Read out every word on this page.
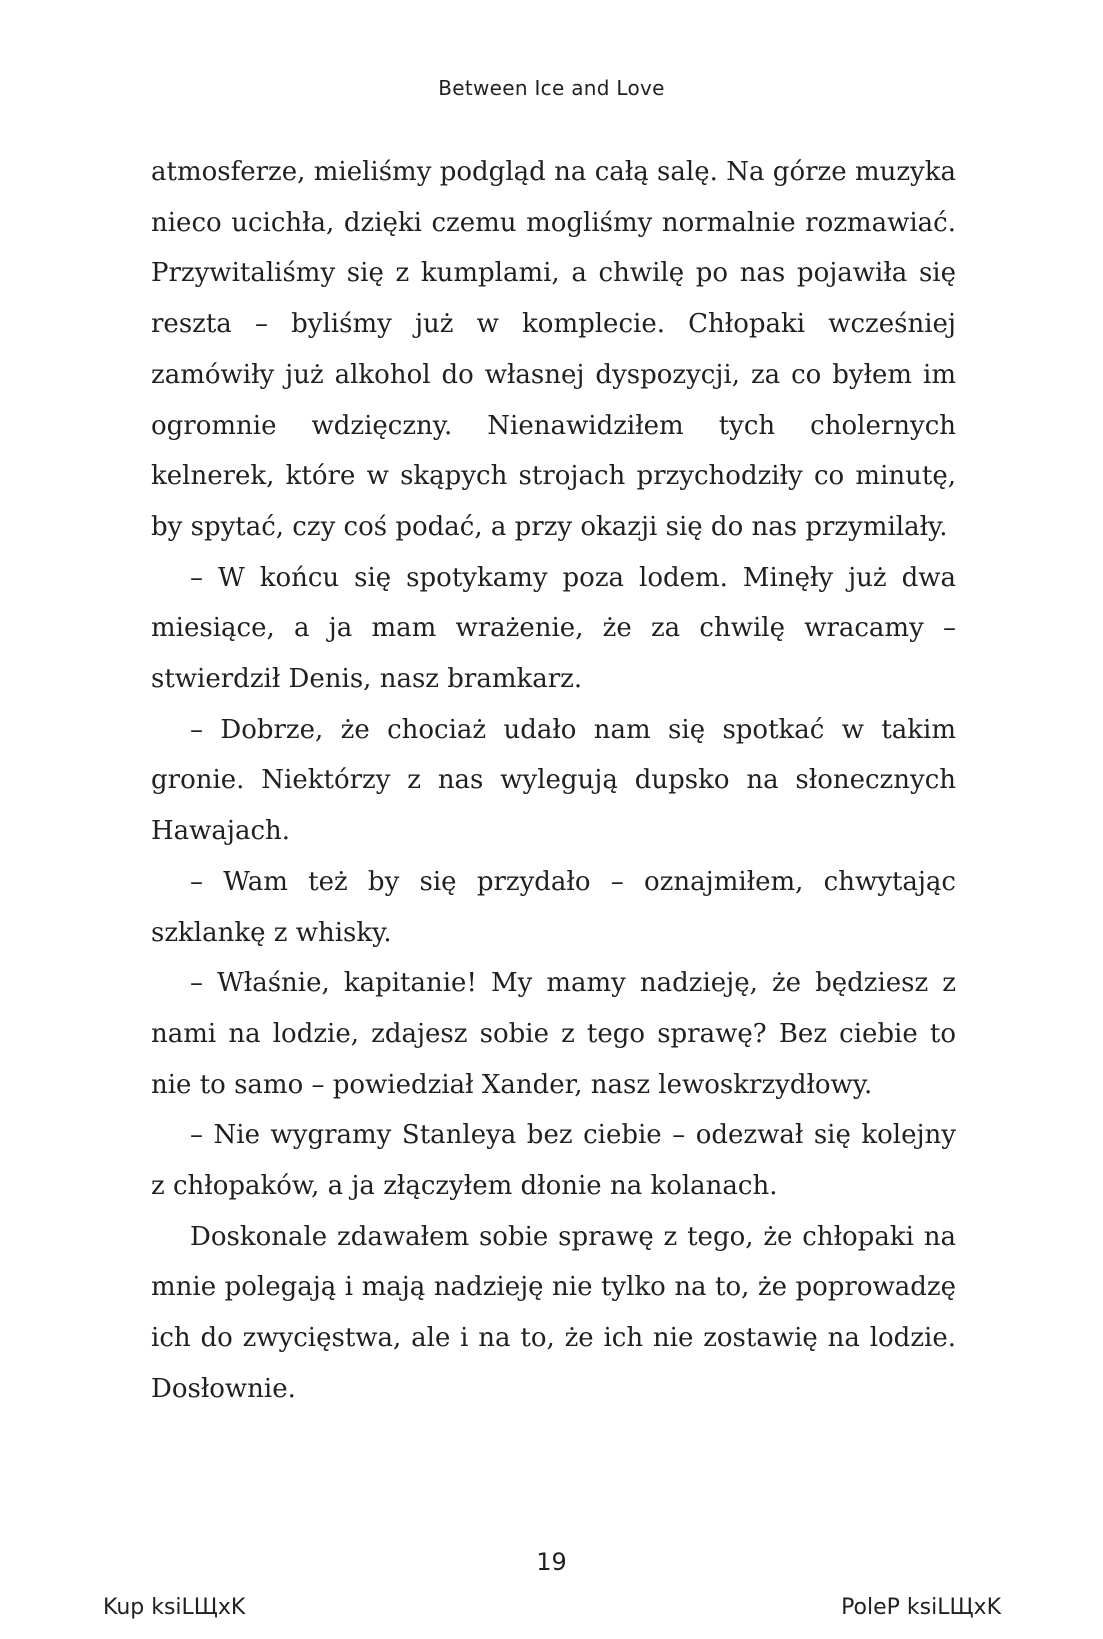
Between Ice and Love

atmosferze, mieliśmy podgląd na całą salę. Na górze muzyka nieco ucichła, dzięki czemu mogliśmy normalnie rozmawiać. Przywitaliśmy się z kumplami, a chwilę po nas pojawiła się reszta – byliśmy już w komplecie. Chłopaki wcześniej zamówiły już alkohol do własnej dyspozycji, za co byłem im ogromnie wdzięczny. Nienawidziłem tych cholernych kelnerek, które w skąpych strojach przychodziły co minutę, by spytać, czy coś podać, a przy okazji się do nas przymilały.

– W końcu się spotykamy poza lodem. Minęły już dwa miesiące, a ja mam wrażenie, że za chwilę wracamy – stwierdził Denis, nasz bramkarz.

– Dobrze, że chociaż udało nam się spotkać w takim gronie. Niektórzy z nas wylegują dupsko na słonecznych Hawajach.

– Wam też by się przydało – oznajmiłem, chwytając szklankę z whisky.

– Właśnie, kapitanie! My mamy nadzieję, że będziesz z nami na lodzie, zdajesz sobie z tego sprawę? Bez ciebie to nie to samo – powiedział Xander, nasz lewoskrzydłowy.

– Nie wygramy Stanleya bez ciebie – odezwał się kolejny z chłopaków, a ja złączyłem dłonie na kolanach.

Doskonale zdawałem sobie sprawę z tego, że chłopaki na mnie polegają i mają nadzieję nie tylko na to, że poprowadzę ich do zwycięstwa, ale i na to, że ich nie zostawię na lodzie. Dosłownie.

19
Kup ksiLЩxK	PoleP ksiLЩxK
